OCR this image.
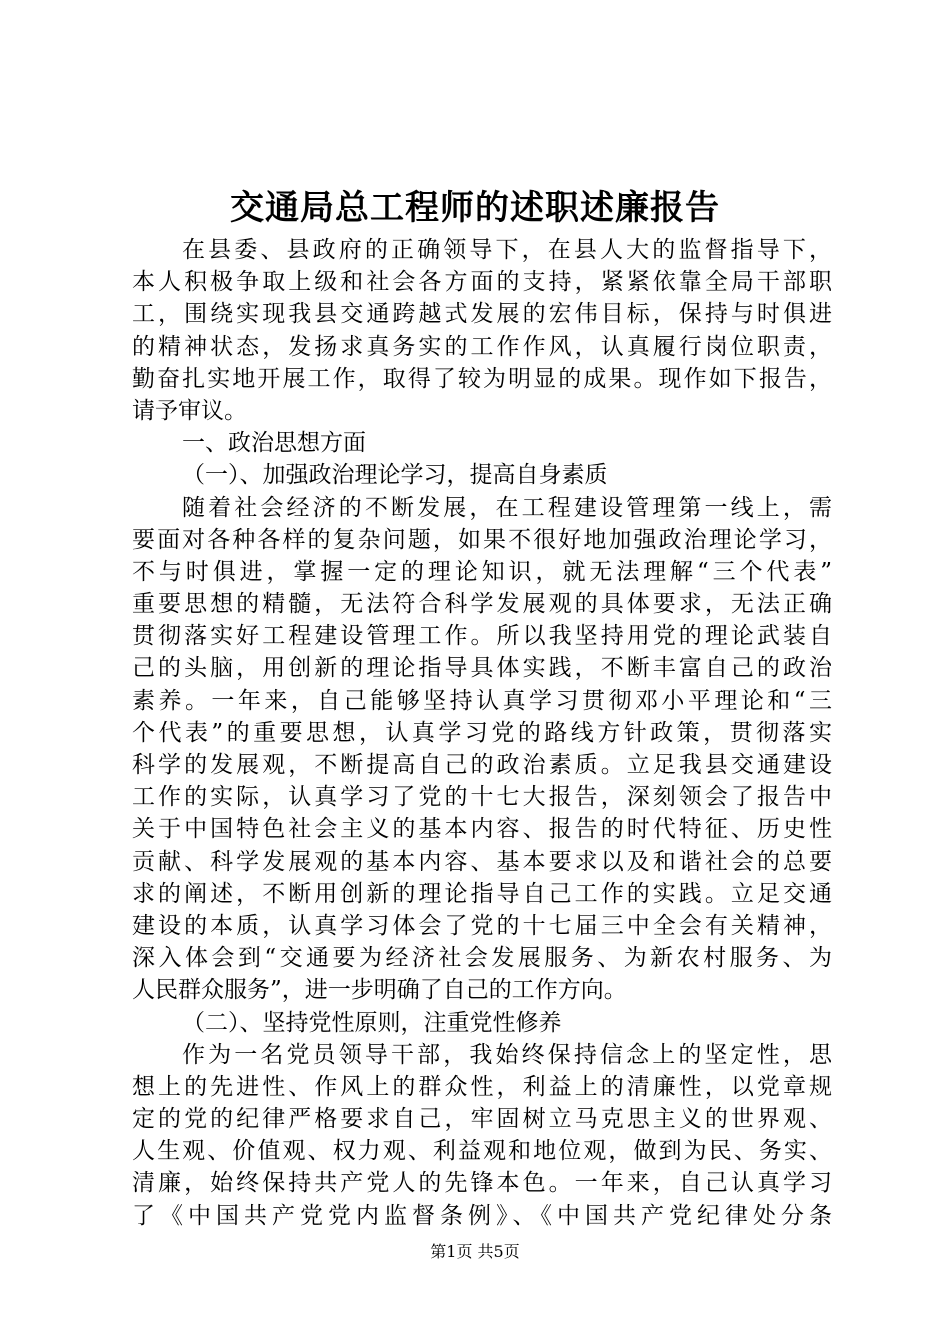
交通局总工程师的述职述廉报告
在县委、县政府的正确领导下，在县人大的监督指导下，
本人积极争取上级和社会各方面的支持，紧紧依靠全局干部职
工，围绕实现我县交通跨越式发展的宏伟目标，保持与时俱进
的精神状态，发扬求真务实的工作作风，认真履行岗位职责，
勤奋扎实地开展工作，取得了较为明显的成果。现作如下报告，
请予审议。
一、政治思想方面
（一）、加强政治理论学习，提高自身素质
随着社会经济的不断发展，在工程建设管理第一线上，需
要面对各种各样的复杂问题，如果不很好地加强政治理论学习，
不与时俱进，掌握一定的理论知识，就无法理解“三个代表”
重要思想的精髓，无法符合科学发展观的具体要求，无法正确
贯彻落实好工程建设管理工作。所以我坚持用党的理论武装自
己的头脑，用创新的理论指导具体实践，不断丰富自己的政治
素养。一年来，自己能够坚持认真学习贯彻邓小平理论和“三
个代表”的重要思想，认真学习党的路线方针政策，贯彻落实
科学的发展观，不断提高自己的政治素质。立足我县交通建设
工作的实际，认真学习了党的十七大报告，深刻领会了报告中
关于中国特色社会主义的基本内容、报告的时代特征、历史性
贡献、科学发展观的基本内容、基本要求以及和谐社会的总要
求的阐述，不断用创新的理论指导自己工作的实践。立足交通
建设的本质，认真学习体会了党的十七届三中全会有关精神，
深入体会到“交通要为经济社会发展服务、为新农村服务、为
人民群众服务”，进一步明确了自己的工作方向。
（二）、坚持党性原则，注重党性修养
作为一名党员领导干部，我始终保持信念上的坚定性，思
想上的先进性、作风上的群众性，利益上的清廉性，以党章规
定的党的纪律严格要求自己，牢固树立马克思主义的世界观、
人生观、价值观、权力观、利益观和地位观，做到为民、务实、
清廉，始终保持共产党人的先锋本色。一年来，自己认真学习
了《中国共产党党内监督条例》、《中国共产党纪律处分条
第1页 共5页
